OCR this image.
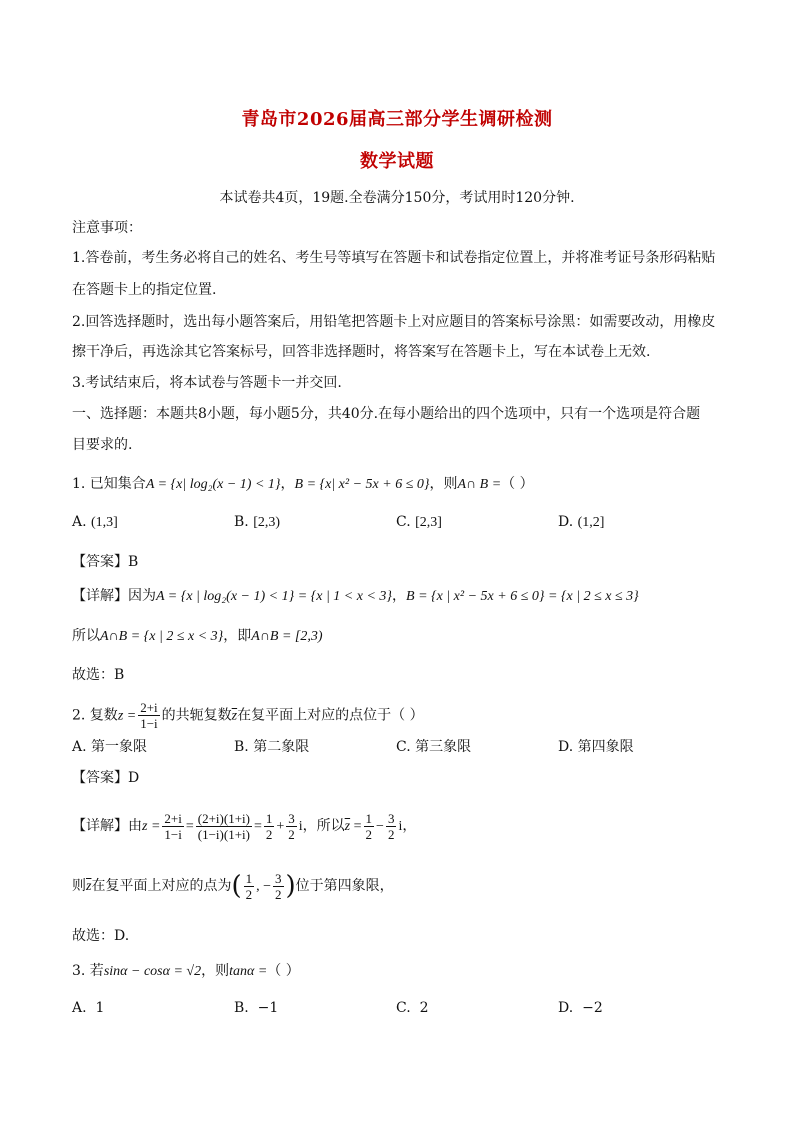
青岛市2026届高三部分学生调研检测
数学试题
本试卷共4页，19题.全卷满分150分，考试用时120分钟.
注意事项：
1.答卷前，考生务必将自己的姓名、考生号等填写在答题卡和试卷指定位置上，并将准考证号条形码粘贴
在答题卡上的指定位置.
2.回答选择题时，选出每小题答案后，用铅笔把答题卡上对应题目的答案标号涂黑：如需要改动，用橡皮
擦干净后，再选涂其它答案标号，回答非选择题时，将答案写在答题卡上，写在本试卷上无效.
3.考试结束后，将本试卷与答题卡一并交回.
一、选择题：本题共8小题，每小题5分，共40分.在每小题给出的四个选项中，只有一个选项是符合题
目要求的.
1. 已知集合A = {x| log₂(x − 1) < 1}，B = {x| x² − 5x + 6 ≤ 0}，则A∩ B =（ ）
A. (1,3]	B. [2,3)	C. [2,3]	D. (1,2]
【答案】B
【详解】因为A = {x | log₂(x − 1) < 1} = {x | 1 < x < 3}，B = {x | x² − 5x + 6 ≤ 0} = {x | 2 ≤ x ≤ 3}
所以A∩B = {x | 2 ≤ x < 3}，即A∩B = [2,3)
故选：B
2. 复数$z = \frac{2+i}{1-i}$ 的共轭复数$\overline{z}$在复平面上对应的点位于（ ）
A. 第一象限	B. 第二象限	C. 第三象限	D. 第四象限
【答案】D
【详解】由$z = \frac{2+i}{1-i} = \frac{(2+i)(1+i)}{(1-i)(1+i)} = \frac{1}{2} + \frac{3}{2}$ i，所以$\overline{z} = \frac{1}{2} - \frac{3}{2}$ i，
则$\overline{z}$在复平面上对应的点为( $\frac{1}{2}$ , − $\frac{3}{2}$ )位于第四象限，
故选：D.
3. 若sinα − cosα = √2，则tanα =（ ）
A. 1	B. −1	C. 2	D. −2
